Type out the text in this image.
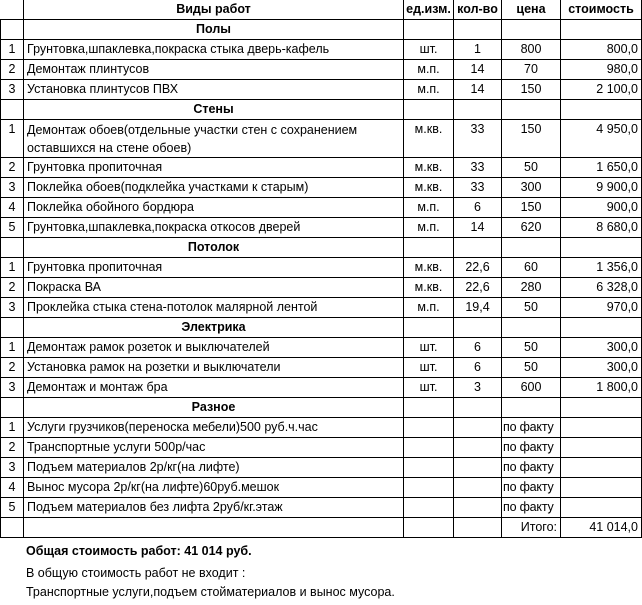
	Виды работ	ед.изм.	кол-во	цена	стоимость
	Полы				
1	Грунтовка,шпаклевка,покраска стыка дверь-кафель	шт.	1	800	800,0
2	Демонтаж плинтусов	м.п.	14	70	980,0
3	Установка плинтусов ПВХ	м.п.	14	150	2 100,0
	Стены				
1	Демонтаж обоев(отдельные участки стен с сохранением оставшихся на стене обоев)	м.кв.	33	150	4 950,0
2	Грунтовка пропиточная	м.кв.	33	50	1 650,0
3	Поклейка обоев(подклейка участками к старым)	м.кв.	33	300	9 900,0
4	Поклейка обойного бордюра	м.п.	6	150	900,0
5	Грунтовка,шпаклевка,покраска откосов дверей	м.п.	14	620	8 680,0
	Потолок				
1	Грунтовка пропиточная	м.кв.	22,6	60	1 356,0
2	Покраска ВА	м.кв.	22,6	280	6 328,0
3	Проклейка стыка стена-потолок малярной лентой	м.п.	19,4	50	970,0
	Электрика				
1	Демонтаж рамок розеток и выключателей	шт.	6	50	300,0
2	Установка рамок на розетки и выключатели	шт.	6	50	300,0
3	Демонтаж и монтаж бра	шт.	3	600	1 800,0
	Разное				
1	Услуги грузчиков(переноска мебели)500 руб.ч.час			по факту	
2	Транспортные услуги 500р/час			по факту	
3	Подъем материалов 2р/кг(на лифте)			по факту	
4	Вынос мусора 2р/кг(на лифте)60руб.мешок			по факту	
5	Подъем материалов без лифта 2руб/кг.этаж			по факту	
				Итого:	41 014,0
Общая стоимость работ: 41 014 руб.
В общую стоимость работ не входит :
Транспортные услуги,подъем стойматериалов и вынос мусора.
